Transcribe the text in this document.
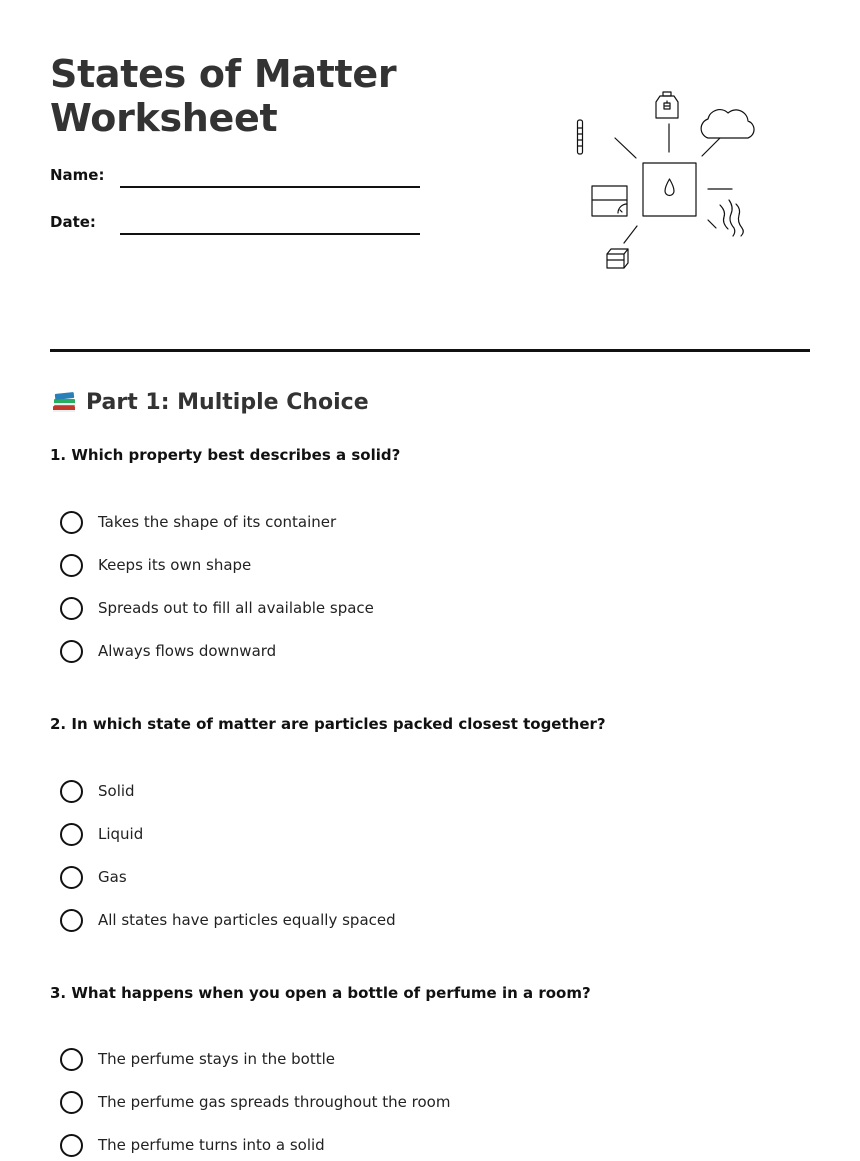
States of Matter
Worksheet
Name:
Date:
Part 1: Multiple Choice

1. Which property best describes a solid?

Takes the shape of its container
Keeps its own shape
Spreads out to fill all available space
Always flows downward

2. In which state of matter are particles packed closest together?

Solid
Liquid
Gas
All states have particles equally spaced

3. What happens when you open a bottle of perfume in a room?

The perfume stays in the bottle
The perfume gas spreads throughout the room
The perfume turns into a solid
